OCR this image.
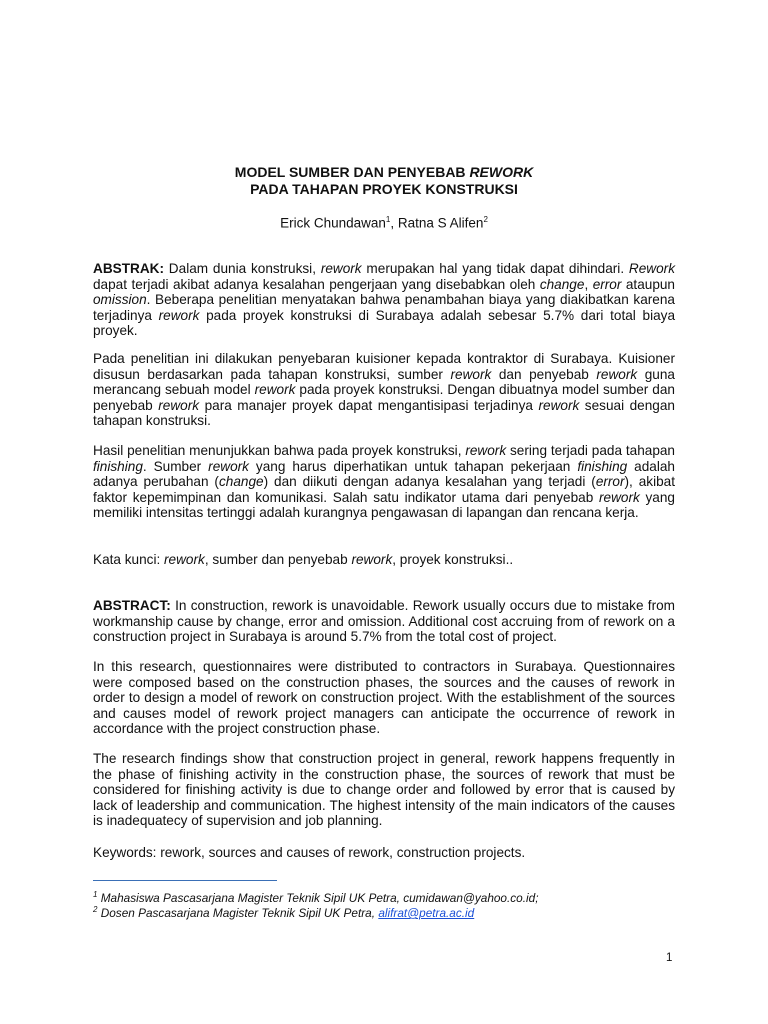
MODEL SUMBER DAN PENYEBAB REWORK
PADA TAHAPAN PROYEK KONSTRUKSI
Erick Chundawan$^1$, Ratna S Alifen$^2$

ABSTRAK: Dalam dunia konstruksi, rework merupakan hal yang tidak dapat dihindari. Rework dapat terjadi akibat adanya kesalahan pengerjaan yang disebabkan oleh change, error ataupun omission. Beberapa penelitian menyatakan bahwa penambahan biaya yang diakibatkan karena terjadinya rework pada proyek konstruksi di Surabaya adalah sebesar 5.7% dari total biaya proyek.

Pada penelitian ini dilakukan penyebaran kuisioner kepada kontraktor di Surabaya. Kuisioner disusun berdasarkan pada tahapan konstruksi, sumber rework dan penyebab rework guna merancang sebuah model rework pada proyek konstruksi. Dengan dibuatnya model sumber dan penyebab rework para manajer proyek dapat mengantisipasi terjadinya rework sesuai dengan tahapan konstruksi.

Hasil penelitian menunjukkan bahwa pada proyek konstruksi, rework sering terjadi pada tahapan finishing. Sumber rework yang harus diperhatikan untuk tahapan pekerjaan finishing adalah adanya perubahan (change) dan diikuti dengan adanya kesalahan yang terjadi (error), akibat faktor kepemimpinan dan komunikasi. Salah satu indikator utama dari penyebab rework yang memiliki intensitas tertinggi adalah kurangnya pengawasan di lapangan dan rencana kerja.

Kata kunci: rework, sumber dan penyebab rework, proyek konstruksi..

ABSTRACT: In construction, rework is unavoidable. Rework usually occurs due to mistake from workmanship cause by change, error and omission. Additional cost accruing from of rework on a construction project in Surabaya is around 5.7% from the total cost of project.

In this research, questionnaires were distributed to contractors in Surabaya. Questionnaires were composed based on the construction phases, the sources and the causes of rework in order to design a model of rework on construction project. With the establishment of the sources and causes model of rework project managers can anticipate the occurrence of rework in accordance with the project construction phase.

The research findings show that construction project in general, rework happens frequently in the phase of finishing activity in the construction phase, the sources of rework that must be considered for finishing activity is due to change order and followed by error that is caused by lack of leadership and communication. The highest intensity of the main indicators of the causes is inadequatecy of supervision and job planning.

Keywords: rework, sources and causes of rework, construction projects.

$^1$ Mahasiswa Pascasarjana Magister Teknik Sipil UK Petra, cumidawan@yahoo.co.id;
$^2$ Dosen Pascasarjana Magister Teknik Sipil UK Petra, alifrat@petra.ac.id
1
